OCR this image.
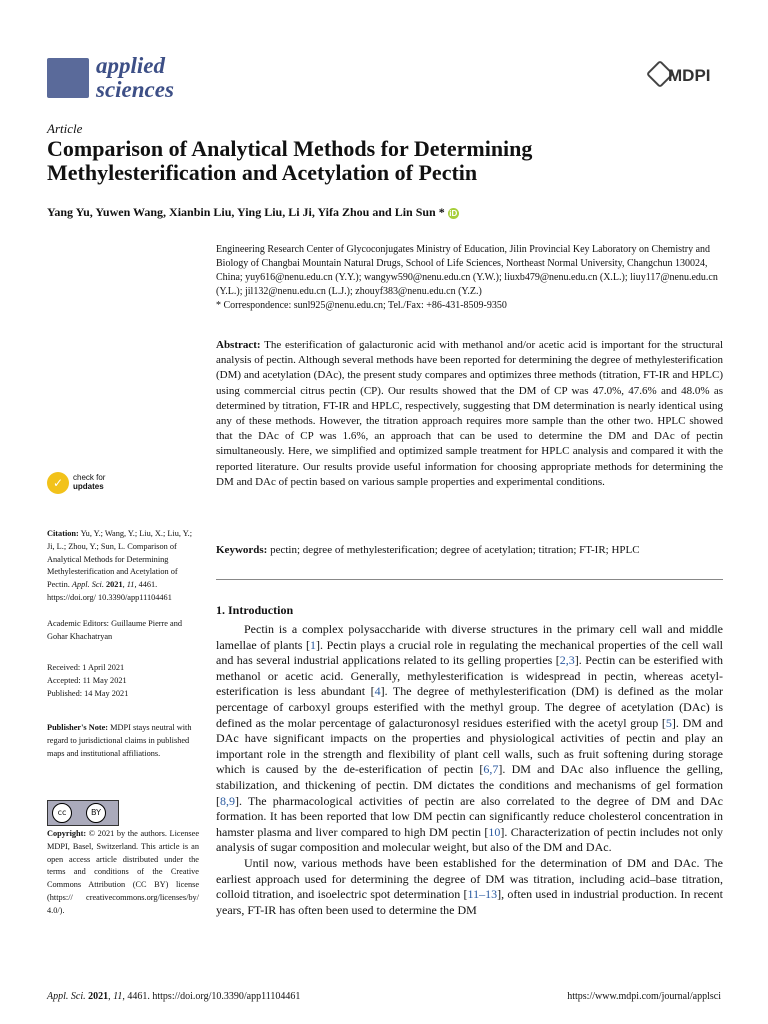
applied
sciences
MDPI
Article
Comparison of Analytical Methods for Determining Methylesterification and Acetylation of Pectin
Yang Yu, Yuwen Wang, Xianbin Liu, Ying Liu, Li Ji, Yifa Zhou and Lin Sun * iD

Engineering Research Center of Glycoconjugates Ministry of Education, Jilin Provincial Key Laboratory on Chemistry and Biology of Changbai Mountain Natural Drugs, School of Life Sciences, Northeast Normal University, Changchun 130024, China; yuy616@nenu.edu.cn (Y.Y.); wangyw590@nenu.edu.cn (Y.W.); liuxb479@nenu.edu.cn (X.L.); liuy117@nenu.edu.cn (Y.L.); jil132@nenu.edu.cn (L.J.); zhouyf383@nenu.edu.cn (Y.Z.)

* Correspondence: sunl925@nenu.edu.cn; Tel./Fax: +86-431-8509-9350

Abstract: The esterification of galacturonic acid with methanol and/or acetic acid is important for the structural analysis of pectin. Although several methods have been reported for determining the degree of methylesterification (DM) and acetylation (DAc), the present study compares and optimizes three methods (titration, FT-IR and HPLC) using commercial citrus pectin (CP). Our results showed that the DM of CP was 47.0%, 47.6% and 48.0% as determined by titration, FT-IR and HPLC, respectively, suggesting that DM determination is nearly identical using any of these methods. However, the titration approach requires more sample than the other two. HPLC showed that the DAc of CP was 1.6%, an approach that can be used to determine the DM and DAc of pectin simultaneously. Here, we simplified and optimized sample treatment for HPLC analysis and compared it with the reported literature. Our results provide useful information for choosing appropriate methods for determining the DM and DAc of pectin based on various sample properties and experimental conditions.

Keywords: pectin; degree of methylesterification; degree of acetylation; titration; FT-IR; HPLC

1. Introduction

Pectin is a complex polysaccharide with diverse structures in the primary cell wall and middle lamellae of plants [1]. Pectin plays a crucial role in regulating the mechanical properties of the cell wall and has several industrial applications related to its gelling properties [2,3]. Pectin can be esterified with methanol or acetic acid. Generally, methylesterification is widespread in pectin, whereas acetyl-esterification is less abundant [4]. The degree of methylesterification (DM) is defined as the molar percentage of carboxyl groups esterified with the methyl group. The degree of acetylation (DAc) is defined as the molar percentage of galacturonosyl residues esterified with the acetyl group [5]. DM and DAc have significant impacts on the properties and physiological activities of pectin and play an important role in the strength and flexibility of plant cell walls, such as fruit softening during storage which is caused by the de-esterification of pectin [6,7]. DM and DAc also influence the gelling, stabilization, and thickening of pectin. DM dictates the conditions and mechanisms of gel formation [8,9]. The pharmacological activities of pectin are also correlated to the degree of DM and DAc formation. It has been reported that low DM pectin can significantly reduce cholesterol concentration in hamster plasma and liver compared to high DM pectin [10]. Characterization of pectin includes not only analysis of sugar composition and molecular weight, but also of the DM and DAc.

Until now, various methods have been established for the determination of DM and DAc. The earliest approach used for determining the degree of DM was titration, including acid–base titration, colloid titration, and isoelectric spot determination [11–13], often used in industrial production. In recent years, FT-IR has often been used to determine the DM

✓ check for
updates

Citation: Yu, Y.; Wang, Y.; Liu, X.; Liu, Y.; Ji, L.; Zhou, Y.; Sun, L. Comparison of Analytical Methods for Determining Methylesterification and Acetylation of Pectin. Appl. Sci. 2021, 11, 4461. https://doi.org/ 10.3390/app11104461

Academic Editors: Guillaume Pierre and Gohar Khachatryan

Received: 1 April 2021

Accepted: 11 May 2021

Published: 14 May 2021

Publisher's Note: MDPI stays neutral with regard to jurisdictional claims in published maps and institutional affiliations.

cc	BY

Copyright: © 2021 by the authors. Licensee MDPI, Basel, Switzerland. This article is an open access article distributed under the terms and conditions of the Creative Commons Attribution (CC BY) license (https:// creativecommons.org/licenses/by/ 4.0/).

Appl. Sci. 2021, 11, 4461. https://doi.org/10.3390/app11104461	https://www.mdpi.com/journal/applsci
